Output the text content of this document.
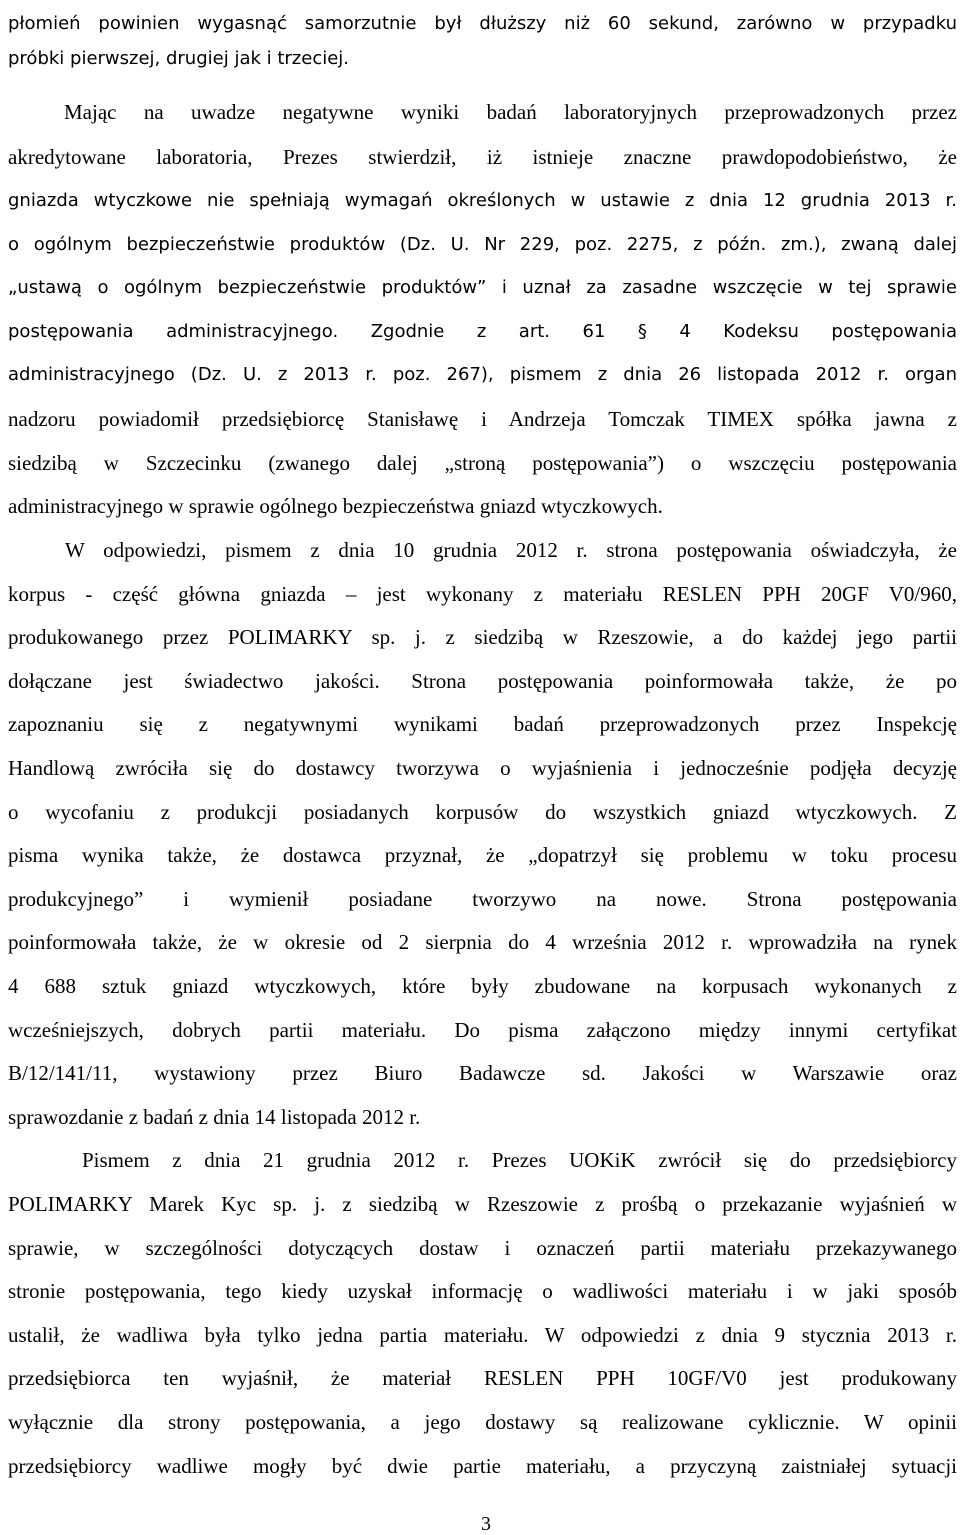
płomień powinien wygasnąć samorzutnie był dłuższy niż 60 sekund, zarówno w przypadku
próbki pierwszej, drugiej jak i trzeciej.
Mając na uwadze negatywne wyniki badań laboratoryjnych przeprowadzonych przez
akredytowane laboratoria, Prezes stwierdził, iż istnieje znaczne prawdopodobieństwo, że
gniazda wtyczkowe nie spełniają wymagań określonych w ustawie z dnia 12 grudnia 2013 r.
o ogólnym bezpieczeństwie produktów (Dz. U. Nr 229, poz. 2275, z późn. zm.), zwaną dalej
„ustawą o ogólnym bezpieczeństwie produktów” i uznał za zasadne wszczęcie w tej sprawie
postępowania administracyjnego. Zgodnie z art. 61 § 4 Kodeksu postępowania
administracyjnego (Dz. U. z 2013 r. poz. 267), pismem z dnia 26 listopada 2012 r. organ
nadzoru powiadomił przedsiębiorcę Stanisławę i Andrzeja Tomczak TIMEX spółka jawna z
siedzibą w Szczecinku (zwanego dalej „stroną postępowania”) o wszczęciu postępowania
administracyjnego w sprawie ogólnego bezpieczeństwa gniazd wtyczkowych.
W odpowiedzi, pismem z dnia 10 grudnia 2012 r. strona postępowania oświadczyła, że
korpus - część główna gniazda – jest wykonany z materiału RESLEN PPH 20GF V0/960,
produkowanego przez POLIMARKY sp. j. z siedzibą w Rzeszowie, a do każdej jego partii
dołączane jest świadectwo jakości. Strona postępowania poinformowała także, że po
zapoznaniu się z negatywnymi wynikami badań przeprowadzonych przez Inspekcję
Handlową zwróciła się do dostawcy tworzywa o wyjaśnienia i jednocześnie podjęła decyzję
o wycofaniu z produkcji posiadanych korpusów do wszystkich gniazd wtyczkowych. Z
pisma wynika także, że dostawca przyznał, że „dopatrzył się problemu w toku procesu
produkcyjnego” i wymienił posiadane tworzywo na nowe. Strona postępowania
poinformowała także, że w okresie od 2 sierpnia do 4 września 2012 r. wprowadziła na rynek
4 688 sztuk gniazd wtyczkowych, które były zbudowane na korpusach wykonanych z
wcześniejszych, dobrych partii materiału. Do pisma załączono między innymi certyfikat
B/12/141/11, wystawiony przez Biuro Badawcze sd. Jakości w Warszawie oraz
sprawozdanie z badań z dnia 14 listopada 2012 r.
Pismem z dnia 21 grudnia 2012 r. Prezes UOKiK zwrócił się do przedsiębiorcy
POLIMARKY Marek Kyc sp. j. z siedzibą w Rzeszowie z prośbą o przekazanie wyjaśnień w
sprawie, w szczególności dotyczących dostaw i oznaczeń partii materiału przekazywanego
stronie postępowania, tego kiedy uzyskał informację o wadliwości materiału i w jaki sposób
ustalił, że wadliwa była tylko jedna partia materiału. W odpowiedzi z dnia 9 stycznia 2013 r.
przedsiębiorca ten wyjaśnił, że materiał RESLEN PPH 10GF/V0 jest produkowany
wyłącznie dla strony postępowania, a jego dostawy są realizowane cyklicznie. W opinii
przedsiębiorcy wadliwe mogły być dwie partie materiału, a przyczyną zaistniałej sytuacji
3
